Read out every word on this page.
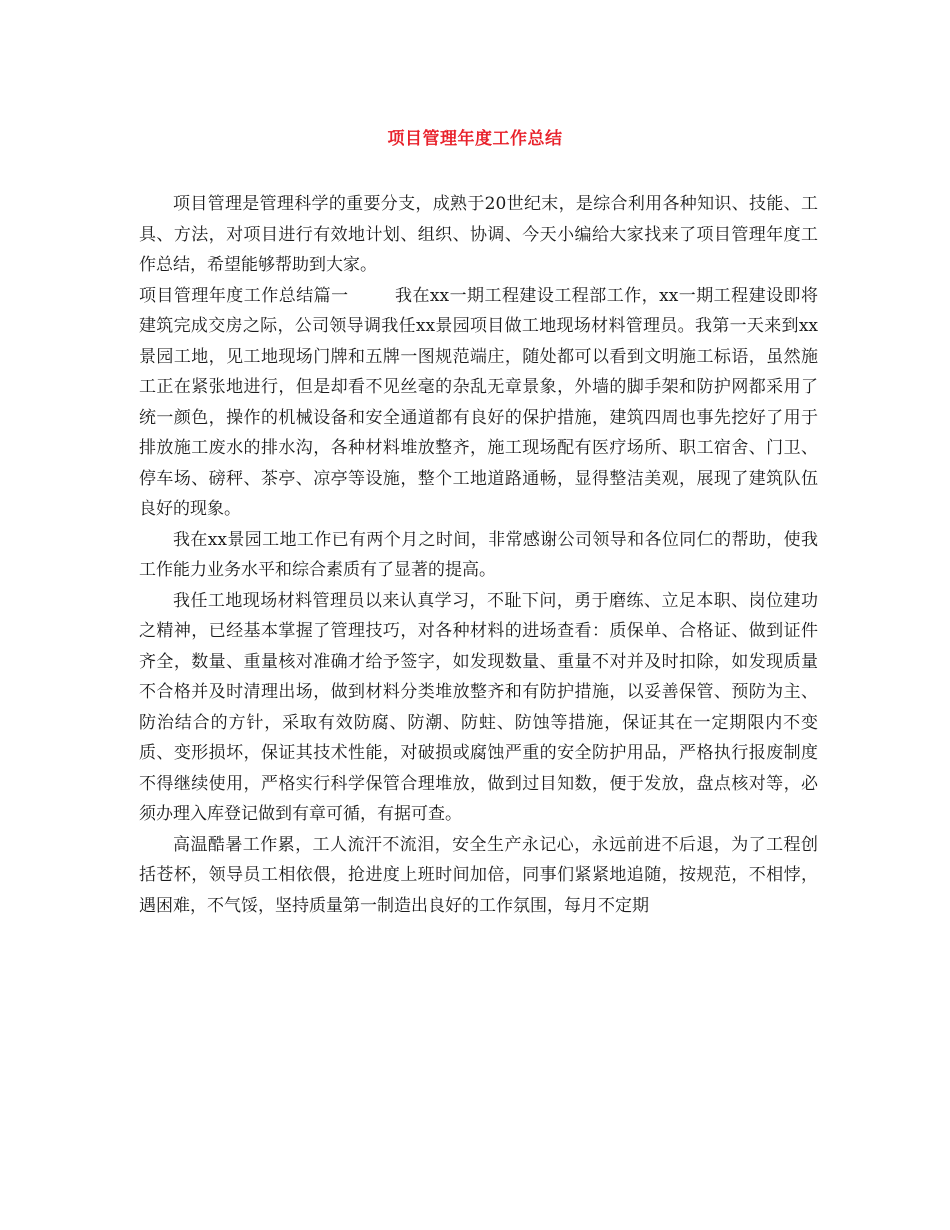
项目管理年度工作总结

项目管理是管理科学的重要分支，成熟于20世纪末，是综合利用各种知识、技能、工具、方法，对项目进行有效地计划、组织、协调、今天小编给大家找来了项目管理年度工作总结，希望能够帮助到大家。

项目管理年度工作总结篇一	我在xx一期工程建设工程部工作，xx一期工程建设即将建筑完成交房之际，公司领导调我任xx景园项目做工地现场材料管理员。我第一天来到xx景园工地，见工地现场门牌和五牌一图规范端庄，随处都可以看到文明施工标语，虽然施工正在紧张地进行，但是却看不见丝毫的杂乱无章景象，外墙的脚手架和防护网都采用了统一颜色，操作的机械设备和安全通道都有良好的保护措施，建筑四周也事先挖好了用于排放施工废水的排水沟，各种材料堆放整齐，施工现场配有医疗场所、职工宿舍、门卫、停车场、磅秤、茶亭、凉亭等设施，整个工地道路通畅，显得整洁美观，展现了建筑队伍良好的现象。

我在xx景园工地工作已有两个月之时间，非常感谢公司领导和各位同仁的帮助，使我工作能力业务水平和综合素质有了显著的提高。

我任工地现场材料管理员以来认真学习，不耻下问，勇于磨练、立足本职、岗位建功之精神，已经基本掌握了管理技巧，对各种材料的进场查看：质保单、合格证、做到证件齐全，数量、重量核对准确才给予签字，如发现数量、重量不对并及时扣除，如发现质量不合格并及时清理出场，做到材料分类堆放整齐和有防护措施，以妥善保管、预防为主、防治结合的方针，采取有效防腐、防潮、防蛀、防蚀等措施，保证其在一定期限内不变质、变形损坏，保证其技术性能，对破损或腐蚀严重的安全防护用品，严格执行报废制度不得继续使用，严格实行科学保管合理堆放，做到过目知数，便于发放，盘点核对等，必须办理入库登记做到有章可循，有据可查。

高温酷暑工作累，工人流汗不流泪，安全生产永记心，永远前进不后退，为了工程创括苍杯，领导员工相依偎，抢进度上班时间加倍，同事们紧紧地追随，按规范，不相悖，遇困难，不气馁，坚持质量第一制造出良好的工作氛围，每月不定期
